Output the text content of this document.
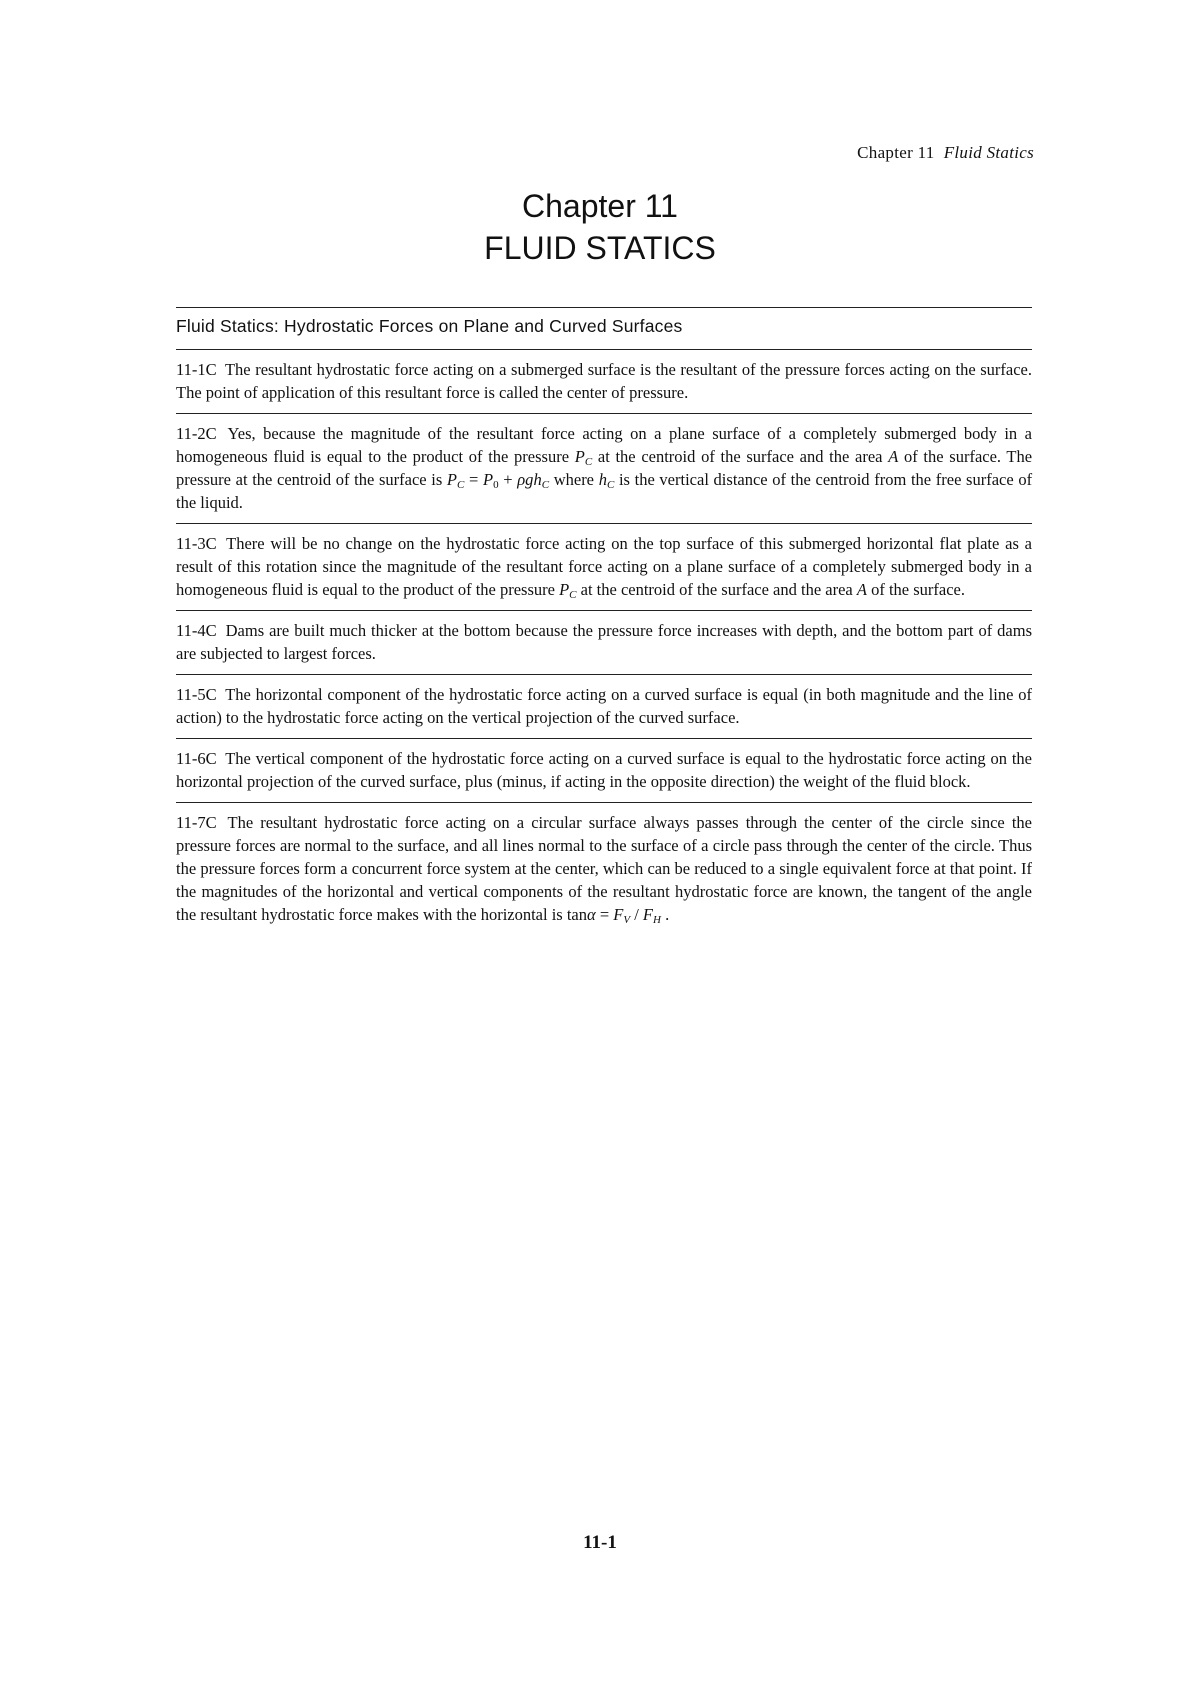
Chapter 11 Fluid Statics
Chapter 11
FLUID STATICS
Fluid Statics: Hydrostatic Forces on Plane and Curved Surfaces
11-1C The resultant hydrostatic force acting on a submerged surface is the resultant of the pressure forces acting on the surface. The point of application of this resultant force is called the center of pressure.
11-2C Yes, because the magnitude of the resultant force acting on a plane surface of a completely submerged body in a homogeneous fluid is equal to the product of the pressure $P_C$ at the centroid of the surface and the area A of the surface. The pressure at the centroid of the surface is $P_C = P_0 + \rho gh_C$ where $h_C$ is the vertical distance of the centroid from the free surface of the liquid.
11-3C There will be no change on the hydrostatic force acting on the top surface of this submerged horizontal flat plate as a result of this rotation since the magnitude of the resultant force acting on a plane surface of a completely submerged body in a homogeneous fluid is equal to the product of the pressure $P_C$ at the centroid of the surface and the area A of the surface.
11-4C Dams are built much thicker at the bottom because the pressure force increases with depth, and the bottom part of dams are subjected to largest forces.
11-5C The horizontal component of the hydrostatic force acting on a curved surface is equal (in both magnitude and the line of action) to the hydrostatic force acting on the vertical projection of the curved surface.
11-6C The vertical component of the hydrostatic force acting on a curved surface is equal to the hydrostatic force acting on the horizontal projection of the curved surface, plus (minus, if acting in the opposite direction) the weight of the fluid block.
11-7C The resultant hydrostatic force acting on a circular surface always passes through the center of the circle since the pressure forces are normal to the surface, and all lines normal to the surface of a circle pass through the center of the circle. Thus the pressure forces form a concurrent force system at the center, which can be reduced to a single equivalent force at that point. If the magnitudes of the horizontal and vertical components of the resultant hydrostatic force are known, the tangent of the angle the resultant hydrostatic force makes with the horizontal is $\tan\alpha = F_V / F_H$ .
11-1
